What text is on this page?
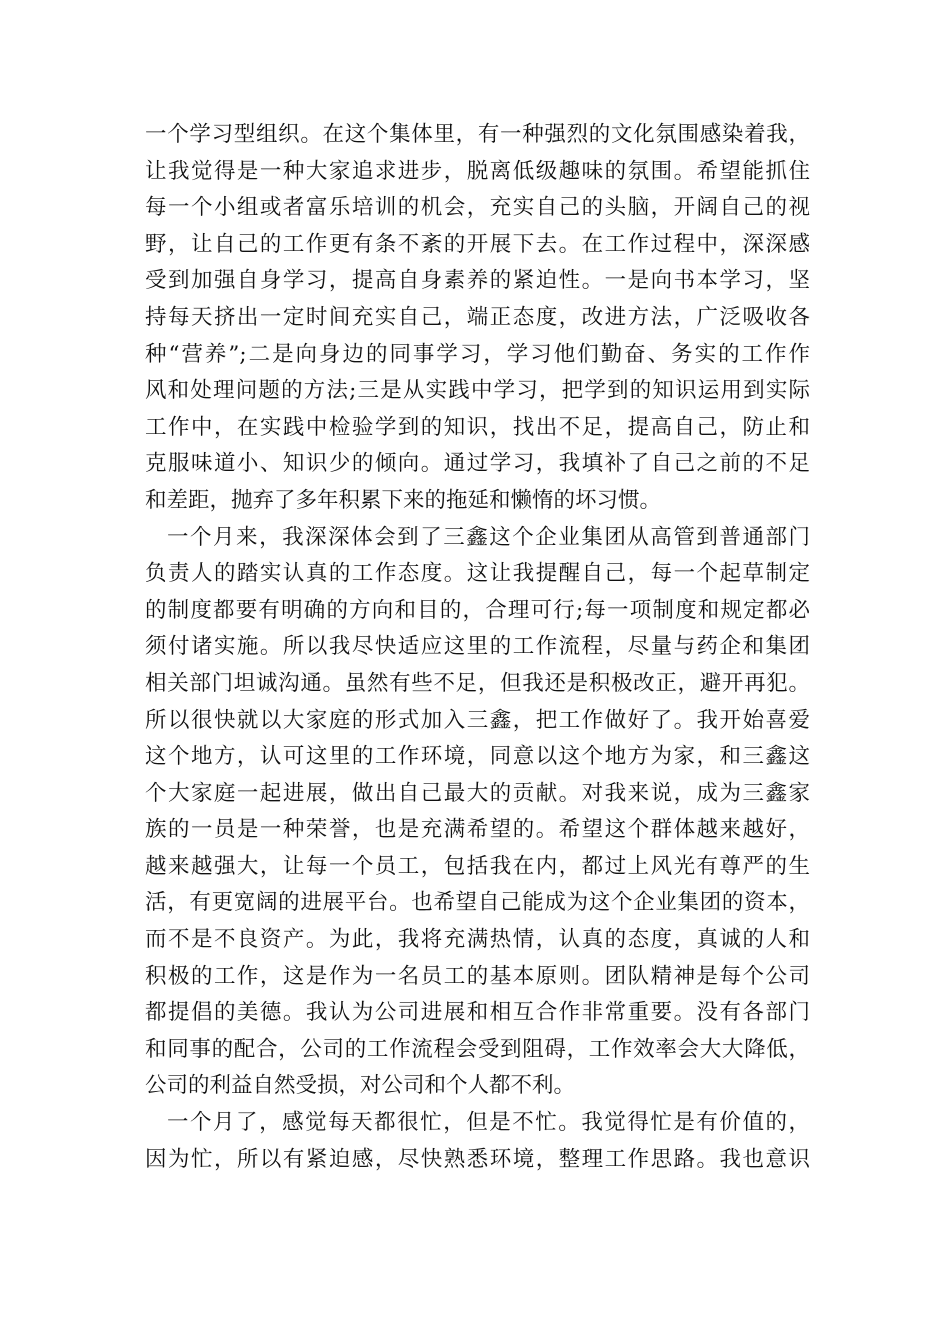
一个学习型组织。在这个集体里，有一种强烈的文化氛围感染着我，
让我觉得是一种大家追求进步，脱离低级趣味的氛围。希望能抓住
每一个小组或者富乐培训的机会，充实自己的头脑，开阔自己的视
野，让自己的工作更有条不紊的开展下去。在工作过程中，深深感
受到加强自身学习，提高自身素养的紧迫性。一是向书本学习，坚
持每天挤出一定时间充实自己，端正态度，改进方法，广泛吸收各
种“营养”;二是向身边的同事学习，学习他们勤奋、务实的工作作
风和处理问题的方法;三是从实践中学习，把学到的知识运用到实际
工作中，在实践中检验学到的知识，找出不足，提高自己，防止和
克服味道小、知识少的倾向。通过学习，我填补了自己之前的不足
和差距，抛弃了多年积累下来的拖延和懒惰的坏习惯。
一个月来，我深深体会到了三鑫这个企业集团从高管到普通部门
负责人的踏实认真的工作态度。这让我提醒自己，每一个起草制定
的制度都要有明确的方向和目的，合理可行;每一项制度和规定都必
须付诸实施。所以我尽快适应这里的工作流程，尽量与药企和集团
相关部门坦诚沟通。虽然有些不足，但我还是积极改正，避开再犯。
所以很快就以大家庭的形式加入三鑫，把工作做好了。我开始喜爱
这个地方，认可这里的工作环境，同意以这个地方为家，和三鑫这
个大家庭一起进展，做出自己最大的贡献。对我来说，成为三鑫家
族的一员是一种荣誉，也是充满希望的。希望这个群体越来越好，
越来越强大，让每一个员工，包括我在内，都过上风光有尊严的生
活，有更宽阔的进展平台。也希望自己能成为这个企业集团的资本，
而不是不良资产。为此，我将充满热情，认真的态度，真诚的人和
积极的工作，这是作为一名员工的基本原则。团队精神是每个公司
都提倡的美德。我认为公司进展和相互合作非常重要。没有各部门
和同事的配合，公司的工作流程会受到阻碍，工作效率会大大降低，
公司的利益自然受损，对公司和个人都不利。
一个月了，感觉每天都很忙，但是不忙。我觉得忙是有价值的，
因为忙，所以有紧迫感，尽快熟悉环境，整理工作思路。我也意识
